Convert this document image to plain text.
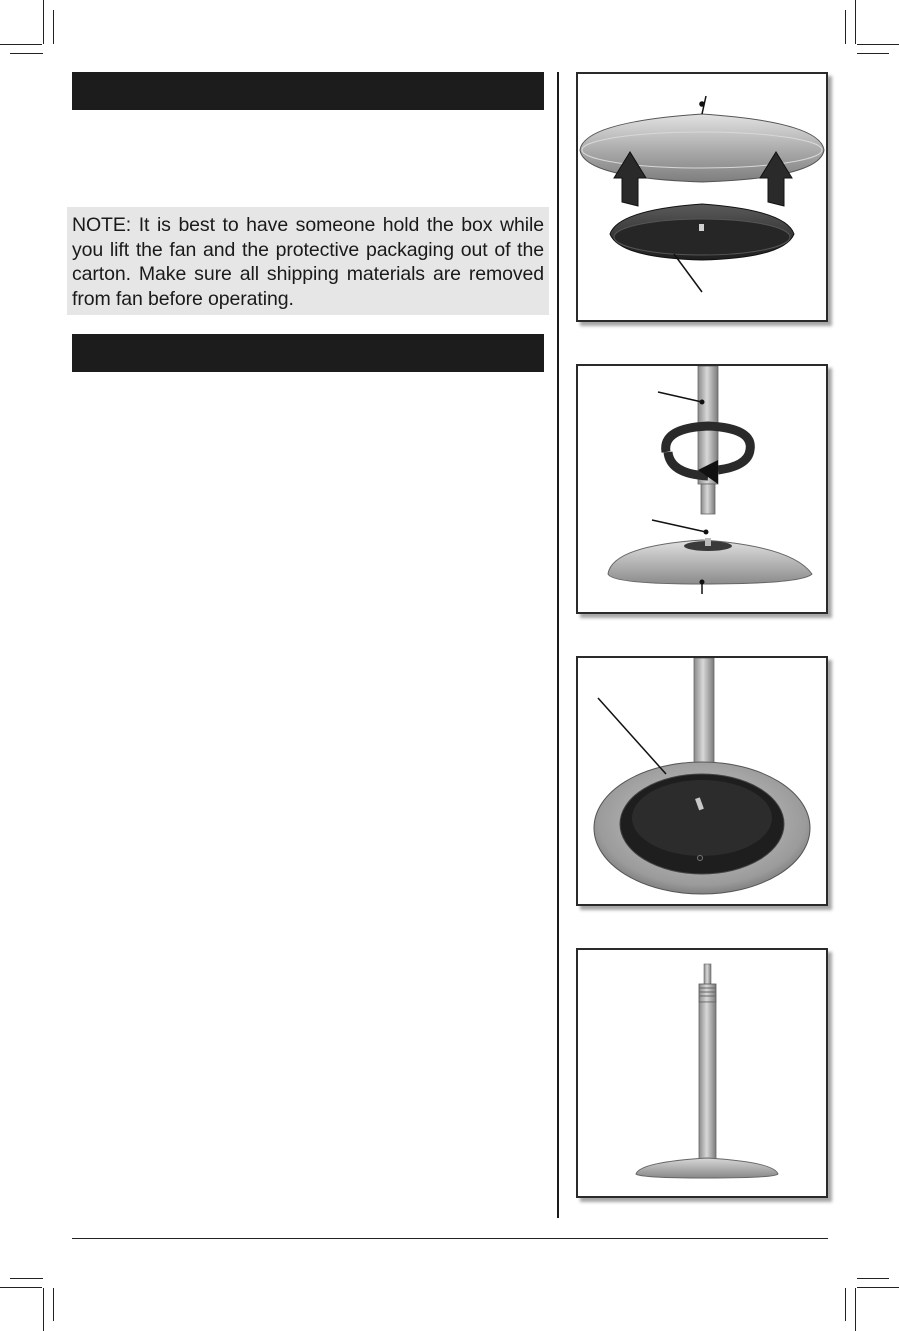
NOTE: It is best to have someone hold the box while you lift the fan and the protective packaging out of the carton. Make sure all shipping materials are removed from fan before operating.
